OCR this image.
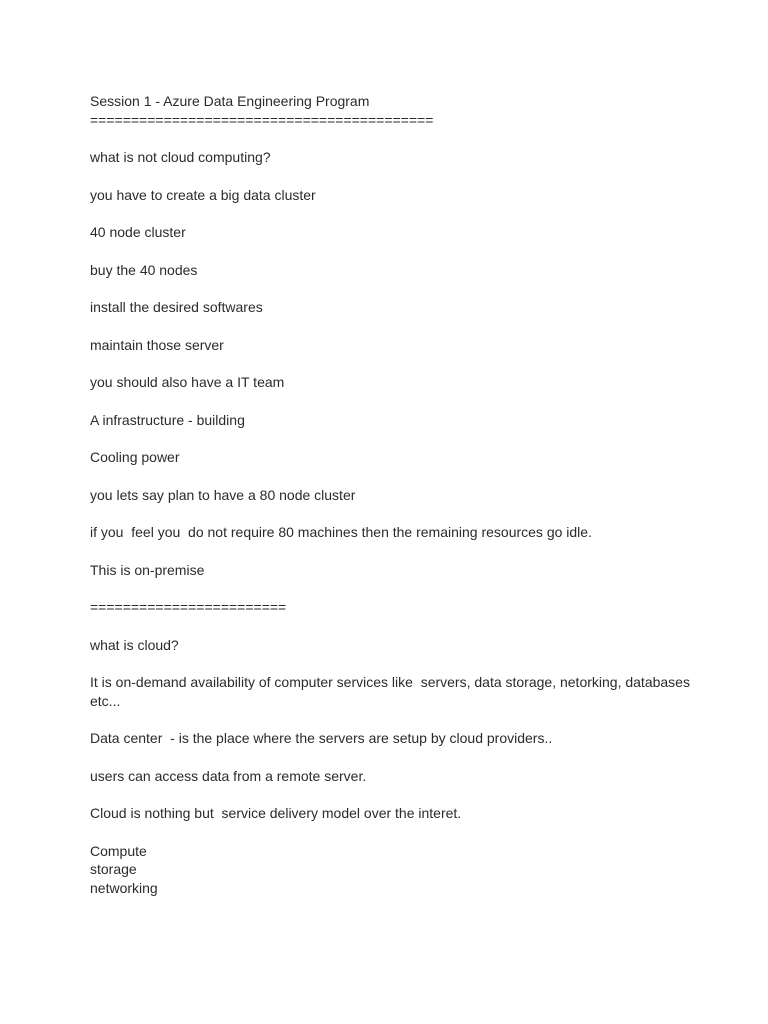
Session 1 - Azure Data Engineering Program

==========================================

what is not cloud computing?

you have to create a big data cluster

40 node cluster

buy the 40 nodes

install the desired softwares

maintain those server

you should also have a IT team

A infrastructure - building

Cooling power

you lets say plan to have a 80 node cluster

if you  feel you  do not require 80 machines then the remaining resources go idle.

This is on-premise

========================

what is cloud?

It is on-demand availability of computer services like  servers, data storage, netorking, databases etc...

Data center  - is the place where the servers are setup by cloud providers..

users can access data from a remote server.

Cloud is nothing but  service delivery model over the interet.

Compute

storage

networking
